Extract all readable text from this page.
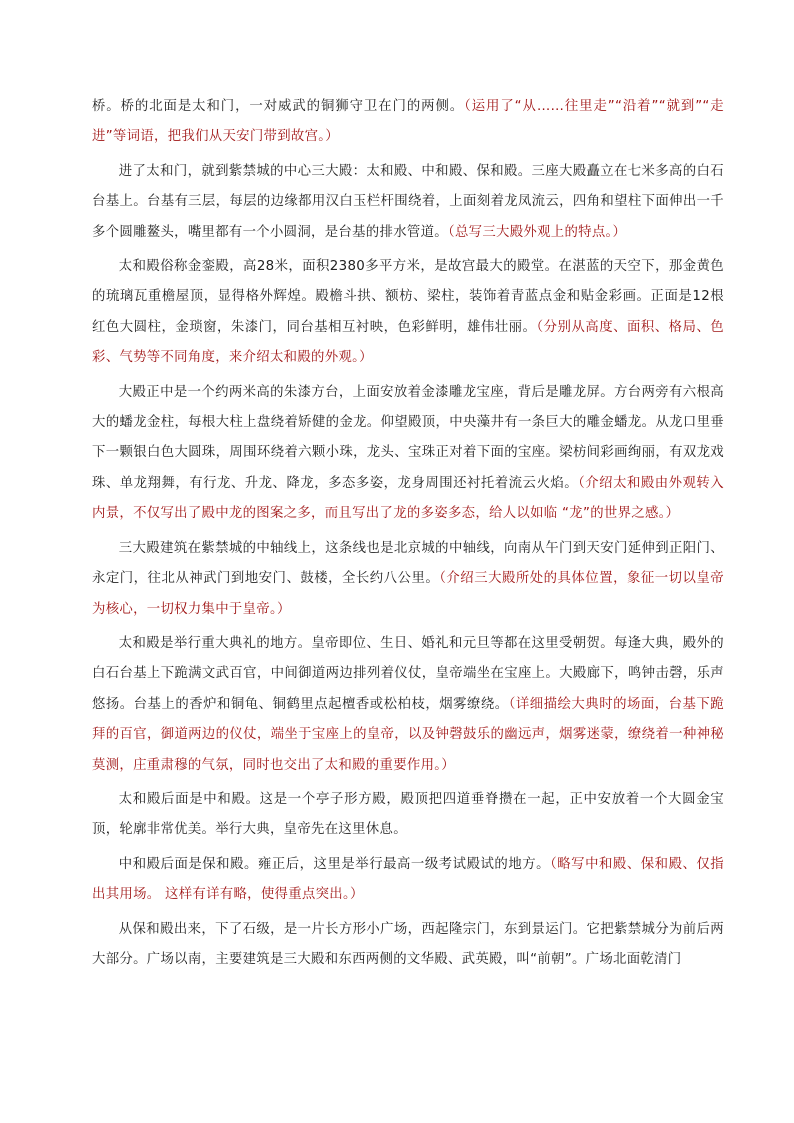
桥。桥的北面是太和门，一对威武的铜狮守卫在门的两侧。（运用了“从……往里走”“沿着”“就到”“走进”等词语，把我们从天安门带到故宫。）

进了太和门，就到紫禁城的中心三大殿：太和殿、中和殿、保和殿。三座大殿矗立在七米多高的白石台基上。台基有三层，每层的边缘都用汉白玉栏杆围绕着，上面刻着龙凤流云，四角和望柱下面伸出一千多个圆雕鳌头，嘴里都有一个小圆洞，是台基的排水管道。（总写三大殿外观上的特点。）

太和殿俗称金銮殿，高28米，面积2380多平方米，是故宫最大的殿堂。在湛蓝的天空下，那金黄色的琉璃瓦重檐屋顶，显得格外辉煌。殿檐斗拱、额枋、梁柱，装饰着青蓝点金和贴金彩画。正面是12根红色大圆柱，金琐窗，朱漆门，同台基相互衬映，色彩鲜明，雄伟壮丽。（分别从高度、面积、格局、色彩、气势等不同角度，来介绍太和殿的外观。）

大殿正中是一个约两米高的朱漆方台，上面安放着金漆雕龙宝座，背后是雕龙屏。方台两旁有六根高大的蟠龙金柱，每根大柱上盘绕着矫健的金龙。仰望殿顶，中央藻井有一条巨大的雕金蟠龙。从龙口里垂下一颗银白色大圆珠，周围环绕着六颗小珠，龙头、宝珠正对着下面的宝座。梁枋间彩画绚丽，有双龙戏珠、单龙翔舞，有行龙、升龙、降龙，多态多姿，龙身周围还衬托着流云火焰。（介绍太和殿由外观转入内景，不仅写出了殿中龙的图案之多，而且写出了龙的多姿多态，给人以如临 “龙”的世界之感。）

三大殿建筑在紫禁城的中轴线上，这条线也是北京城的中轴线，向南从午门到天安门延伸到正阳门、永定门，往北从神武门到地安门、鼓楼，全长约八公里。（介绍三大殿所处的具体位置，象征一切以皇帝为核心，一切权力集中于皇帝。）

太和殿是举行重大典礼的地方。皇帝即位、生日、婚礼和元旦等都在这里受朝贺。每逢大典，殿外的白石台基上下跪满文武百官，中间御道两边排列着仪仗，皇帝端坐在宝座上。大殿廊下，鸣钟击磬，乐声悠扬。台基上的香炉和铜龟、铜鹤里点起檀香或松柏枝，烟雾缭绕。（详细描绘大典时的场面，台基下跪拜的百官，御道两边的仪仗，端坐于宝座上的皇帝，以及钟磬鼓乐的幽远声，烟雾迷蒙，缭绕着一种神秘莫测，庄重肃穆的气氛，同时也交出了太和殿的重要作用。）

太和殿后面是中和殿。这是一个亭子形方殿，殿顶把四道垂脊攒在一起，正中安放着一个大圆金宝顶，轮廓非常优美。举行大典，皇帝先在这里休息。

中和殿后面是保和殿。雍正后，这里是举行最高一级考试殿试的地方。（略写中和殿、保和殿、仅指出其用场。 这样有详有略，使得重点突出。）

从保和殿出来，下了石级，是一片长方形小广场，西起隆宗门，东到景运门。它把紫禁城分为前后两大部分。广场以南，主要建筑是三大殿和东西两侧的文华殿、武英殿，叫“前朝”。广场北面乾清门
